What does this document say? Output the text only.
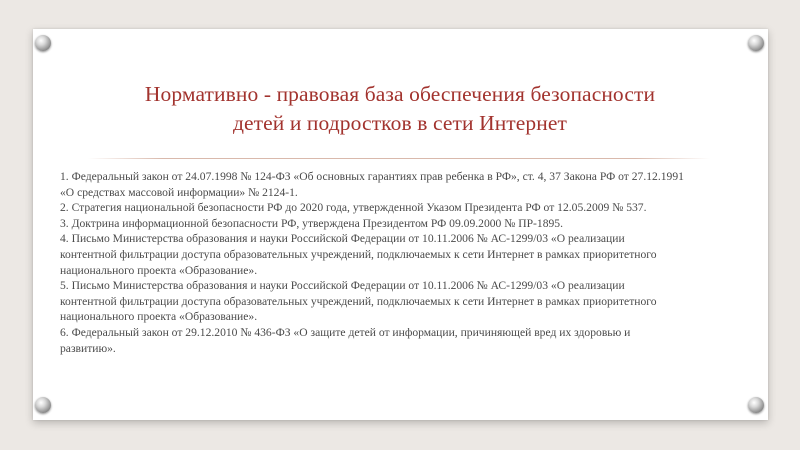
Нормативно - правовая база обеспечения безопасности
детей и подростков в сети Интернет

1. Федеральный закон от 24.07.1998 № 124-ФЗ «Об основных гарантиях прав ребенка в РФ», ст. 4, 37 Закона РФ от 27.12.1991

«О средствах массовой информации» № 2124-1.

2. Стратегия национальной безопасности РФ до 2020 года, утвержденной Указом Президента РФ от 12.05.2009 № 537.

3. Доктрина информационной безопасности РФ, утверждена Президентом РФ 09.09.2000 № ПР-1895.

4. Письмо Министерства образования и науки Российской Федерации от 10.11.2006 № АС-1299/03 «О реализации

контентной фильтрации доступа образовательных учреждений, подключаемых к сети Интернет в рамках приоритетного

национального проекта «Образование».

5. Письмо Министерства образования и науки Российской Федерации от 10.11.2006 № АС-1299/03 «О реализации

контентной фильтрации доступа образовательных учреждений, подключаемых к сети Интернет в рамках приоритетного

национального проекта «Образование».

6. Федеральный закон от 29.12.2010 № 436-ФЗ «О защите детей от информации, причиняющей вред их здоровью и

развитию».
